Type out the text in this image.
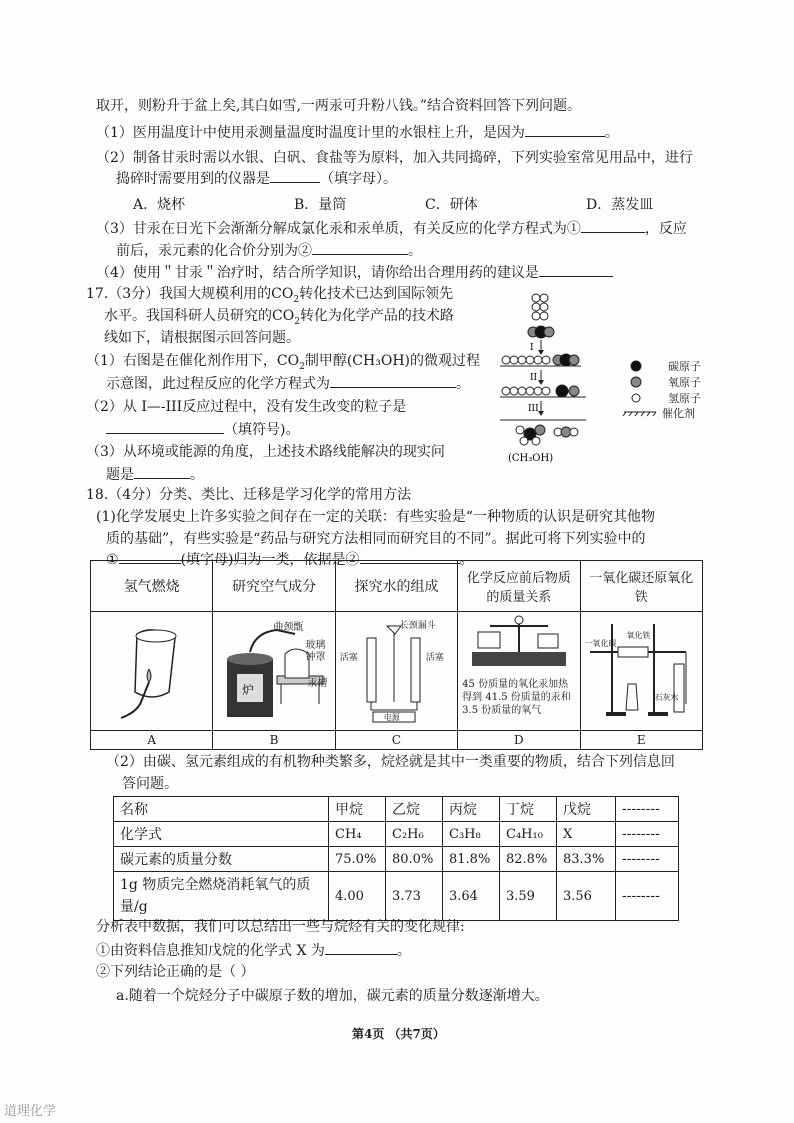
取开，则粉升于盆上矣,其白如雪,一两汞可升粉八钱。”结合资料回答下列问题。
（1）医用温度计中使用汞测量温度时温度计里的水银柱上升，是因为	。
（2）制备甘汞时需以水银、白矾、食盐等为原料，加入共同捣碎，下列实验室常见用品中，进行
捣碎时需要用到的仪器是	（填字母）。
A．烧杯	B．量筒	C．研体	D．蒸发皿
（3）甘汞在日光下会渐渐分解成氯化汞和汞单质，有关反应的化学方程式为①	，反应
前后，汞元素的化合价分别为②	。
（4）使用＂甘汞＂治疗时，结合所学知识，请你给出合理用药的建议是
17.（3分）我国大规模利用的$CO_2$转化技术已达到国际领先
水平。我国科研人员研究的$CO_2$转化为化学产品的技术路
线如下，请根据图示回答问题。
（1）右图是在催化剂作用下，$CO_2$制甲醇(CH₃OH)的微观过程
示意图，此过程反应的化学方程式为	。
（2）从 I—-III反应过程中，没有发生改变的粒子是
（填符号)。
（3）从环境或能源的角度，上述技术路线能解决的现实问
题是	。
I
II
III
(CH₃OH)
碳原子
氧原子
氢原子
催化剂
18.（4分）分类、类比、迁移是学习化学的常用方法
(1)化学发展史上许多实验之间存在一定的关联：有些实验是“一种物质的认识是研究其他物
质的基础”，有些实验是“药品与研究方法相同而研究目的不同”。据此可将下列实验中的
①	(填字母)归为一类，依据是②	。
氢气燃烧	研究空气成分	探究水的组成	化学反应前后物质的质量关系	一氧化碳还原氧化铁

炉
曲颈甑
玻璃钟罩
汞槽	活塞
长颈漏斗
活塞
电源	45 份质量的氧化汞加热得到 41.5 份质量的汞和 3.5 份质量的氧气	一氧化碳
氧化铁
石灰水

A	B	C	D	E
（2）由碳、氢元素组成的有机物种类繁多，烷烃就是其中一类重要的物质，结合下列信息回
答问题。
名称	甲烷	乙烷	丙烷	丁烷	戊烷	--------
化学式	CH₄	C₂H₆	C₃H₈	C₄H₁₀	X	--------
碳元素的质量分数	75.0%	80.0%	81.8%	82.8%	83.3%	--------
1g 物质完全燃烧消耗氧气的质量/g	4.00	3.73	3.64	3.59	3.56	--------
分析表中数据，我们可以总结出一些与烷烃有关的变化规律:
①由资料信息推知戊烷的化学式 X 为	。
②下列结论正确的是（ ）
a.随着一个烷烃分子中碳原子数的增加，碳元素的质量分数逐渐增大。
第4页 （共7页）
道理化学
